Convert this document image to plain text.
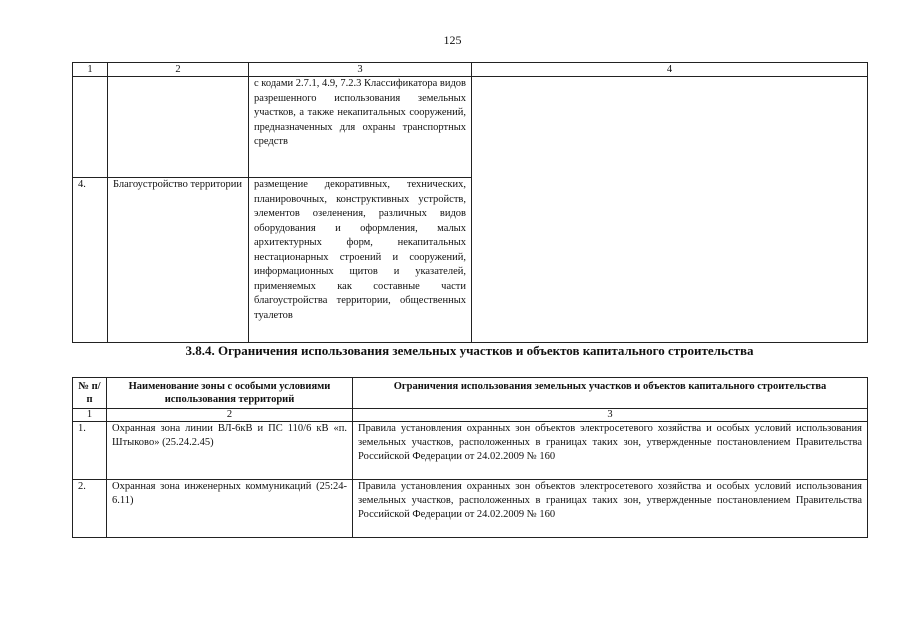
125
1	2	3	4
		с кодами 2.7.1, 4.9, 7.2.3 Классификатора видов разрешенного использования земельных участков, а также некапитальных сооружений, предназначенных для охраны транспортных средств	
4.	Благоустройство территории	размещение декоративных, технических, планировочных, конструктивных устройств, элементов озеленения, различных видов оборудования и оформления, малых архитектурных форм, некапитальных нестационарных строений и сооружений, информационных щитов и указателей, применяемых как составные части благоустройства территории, общественных туалетов	
3.8.4. Ограничения использования земельных участков и объектов капитального строительства
№ п/п	Наименование зоны с особыми условиями использования территорий	Ограничения использования земельных участков и объектов капитального строительства
1	2	3
1.	Охранная зона линии ВЛ-6кВ и ПС 110/6 кВ «п. Штыково» (25.24.2.45)	Правила установления охранных зон объектов электросетевого хозяйства и особых условий использования земельных участков, расположенных в границах таких зон, утвержденные постановлением Правительства Российской Федерации от 24.02.2009 № 160
2.	Охранная зона инженерных коммуникаций (25:24-6.11)	Правила установления охранных зон объектов электросетевого хозяйства и особых условий использования земельных участков, расположенных в границах таких зон, утвержденные постановлением Правительства Российской Федерации от 24.02.2009 № 160
